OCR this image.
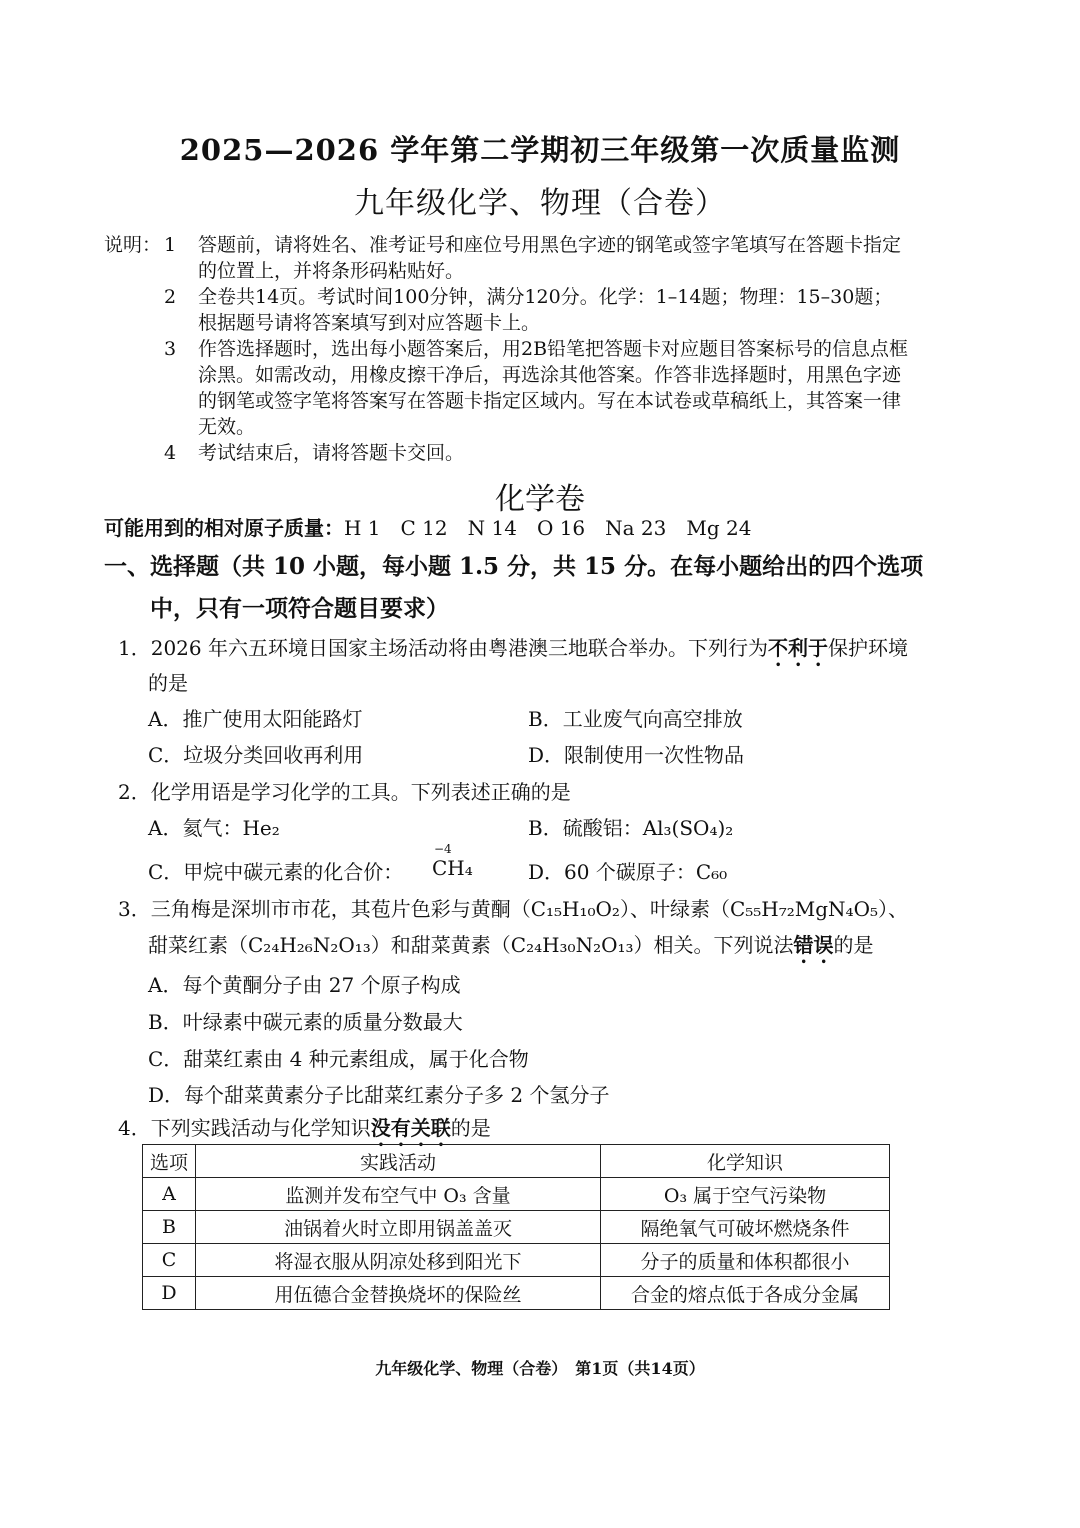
2025—2026 学年第二学期初三年级第一次质量监测
九年级化学、物理（合卷）
说明： 1 答题前，请将姓名、准考证号和座位号用黑色字迹的钢笔或签字笔填写在答题卡指定
的位置上，并将条形码粘贴好。
2 全卷共14页。考试时间100分钟，满分120分。化学：1–14题；物理：15–30题；
根据题号请将答案填写到对应答题卡上。
3 作答选择题时，选出每小题答案后，用2B铅笔把答题卡对应题目答案标号的信息点框
涂黑。如需改动，用橡皮擦干净后，再选涂其他答案。作答非选择题时，用黑色字迹
的钢笔或签字笔将答案写在答题卡指定区域内。写在本试卷或草稿纸上，其答案一律
无效。
4 考试结束后，请将答题卡交回。
化学卷
可能用到的相对原子质量：H 1　C 12　N 14　O 16　Na 23　Mg 24
一、选择题（共 10 小题，每小题 1.5 分，共 15 分。在每小题给出的四个选项
中，只有一项符合题目要求）
1．2026 年六五环境日国家主场活动将由粤港澳三地联合举办。下列行为不利于保护环境
的是
A．推广使用太阳能路灯	B．工业废气向高空排放
C．垃圾分类回收再利用	D．限制使用一次性物品
2．化学用语是学习化学的工具。下列表述正确的是
A．氦气：He₂	B．硫酸铝：Al₃(SO₄)₂
C．甲烷中碳元素的化合价：
−4
CH₄	D．60 个碳原子：C₆₀
3．三角梅是深圳市市花，其苞片色彩与黄酮（C₁₅H₁₀O₂）、叶绿素（C₅₅H₇₂MgN₄O₅）、
甜菜红素（C₂₄H₂₆N₂O₁₃）和甜菜黄素（C₂₄H₃₀N₂O₁₃）相关。下列说法错误的是
A．每个黄酮分子由 27 个原子构成
B．叶绿素中碳元素的质量分数最大
C．甜菜红素由 4 种元素组成，属于化合物
D．每个甜菜黄素分子比甜菜红素分子多 2 个氢分子
4．下列实践活动与化学知识没有关联的是
选项	实践活动	化学知识
A	监测并发布空气中 O₃ 含量	O₃ 属于空气污染物
B	油锅着火时立即用锅盖盖灭	隔绝氧气可破坏燃烧条件
C	将湿衣服从阴凉处移到阳光下	分子的质量和体积都很小
D	用伍德合金替换烧坏的保险丝	合金的熔点低于各成分金属
九年级化学、物理（合卷）　第1页（共14页）
